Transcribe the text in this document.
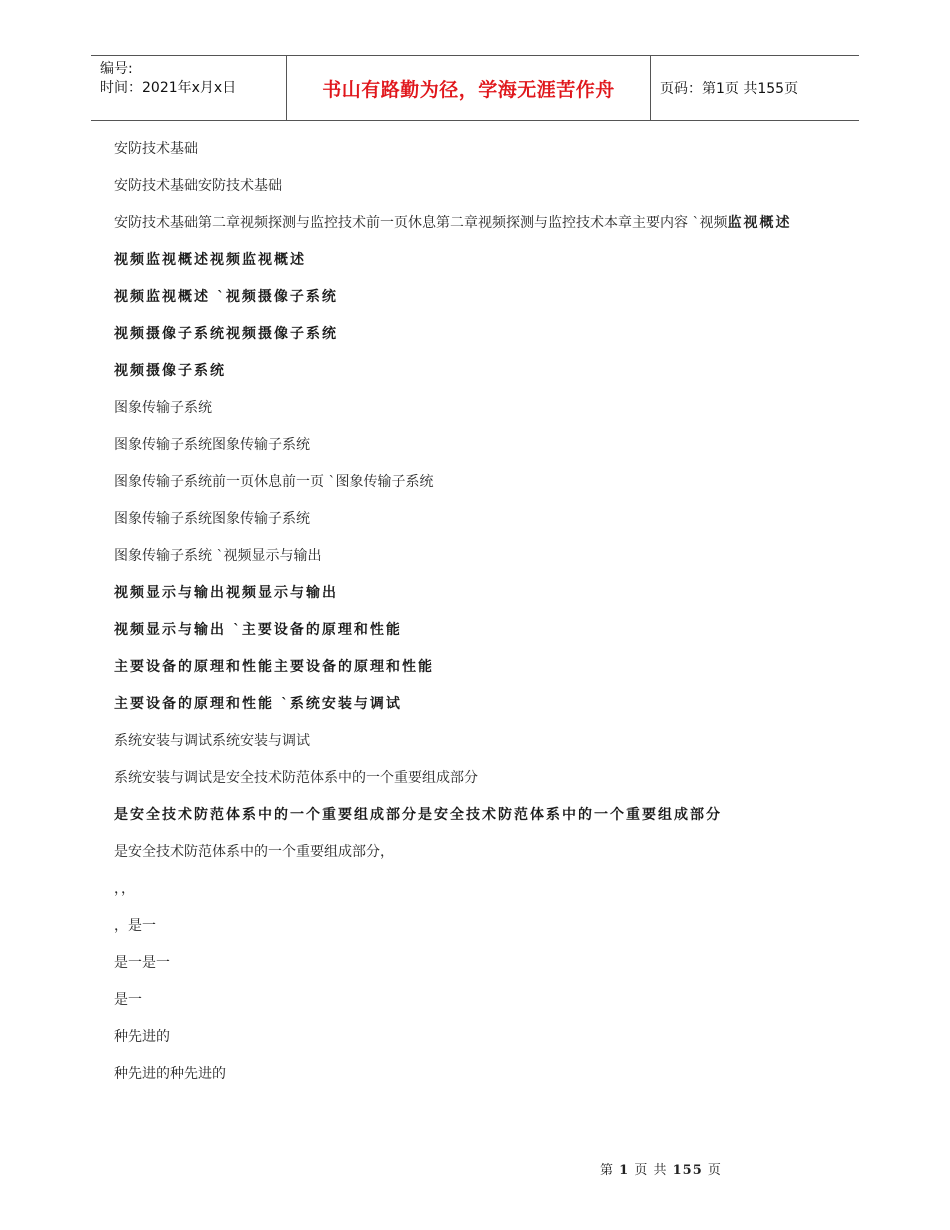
编号:
时间：2021年x月x日	书山有路勤为径，学海无涯苦作舟	页码：第1页 共155页

安防技术基础

安防技术基础安防技术基础

安防技术基础第二章视频探测与监控技术前一页休息第二章视频探测与监控技术本章主要内容 `视频监视概述

视频监视概述视频监视概述

视频监视概述 `视频摄像子系统

视频摄像子系统视频摄像子系统

视频摄像子系统

图象传输子系统

图象传输子系统图象传输子系统

图象传输子系统前一页休息前一页 `图象传输子系统

图象传输子系统图象传输子系统

图象传输子系统 `视频显示与输出

视频显示与输出视频显示与输出

视频显示与输出 `主要设备的原理和性能

主要设备的原理和性能主要设备的原理和性能

主要设备的原理和性能 `系统安装与调试

系统安装与调试系统安装与调试

系统安装与调试是安全技术防范体系中的一个重要组成部分

是安全技术防范体系中的一个重要组成部分是安全技术防范体系中的一个重要组成部分

是安全技术防范体系中的一个重要组成部分，

，，

，是一

是一是一

是一

种先进的

种先进的种先进的

第 1 页 共 155 页
